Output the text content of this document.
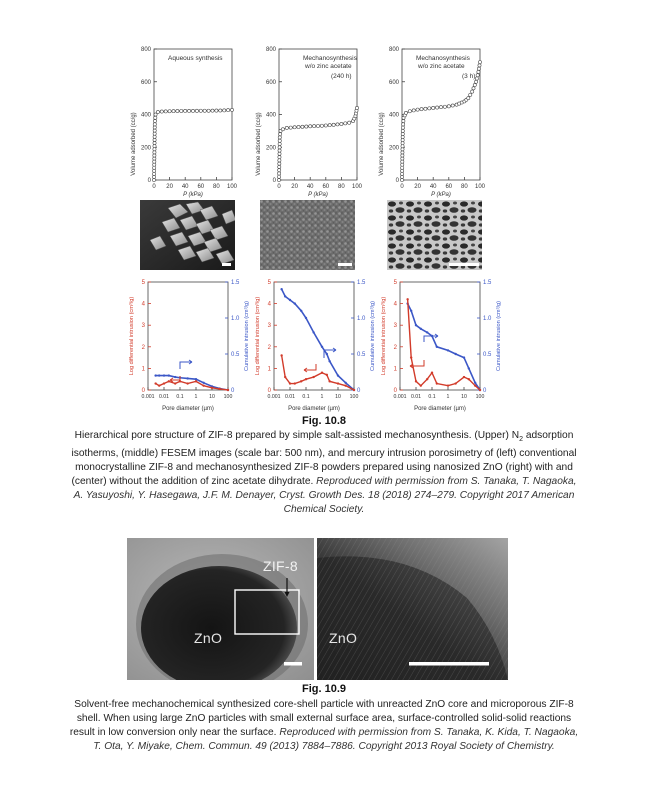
Aqueous synthesis
Volume adsorbed (cc/g)
800
600
400
200
0
0 20 40 60 80 100
P (kPa)
Mechanosynthesis
w/o zinc acetate
(240 h)
Volume adsorbed (cc/g)
800
600
400
200
0
0 20 40 60 80 100
P (kPa)
Mechanosynthesis
w/o zinc acetate
(3 h)
Volume adsorbed (cc/g)
800
600
400
200
0
0 20 40 60 80 100
P (kPa)
Log differential intrusion (cm³/g)	Cumulative intrusion (cm³/g)
5
4
3
2
1
0
1.5
1.0
0.5
0
0.001 0.01 0.1 1 10 100
Pore diameter (µm)
Log differential intrusion (cm³/g)	Cumulative intrusion (cm³/g)
5
4
3
2
1
0
1.5
1.0
0.5
0
0.001 0.01 0.1 1 10 100
Pore diameter (µm)
Log differential intrusion (cm³/g)	Cumulative intrusion (cm³/g)
5
4
3
2
1
0
1.5
1.0
0.5
0
0.001 0.01 0.1 1 10 100
Pore diameter (µm)
Fig. 10.8
Hierarchical pore structure of ZIF-8 prepared by simple salt-assisted mechanosynthesis. (Upper) $N_2$ adsorption isotherms, (middle) FESEM images (scale bar: 500 nm), and mercury intrusion porosimetry of (left) conventional monocrystalline ZIF-8 and mechanosynthesized ZIF-8 powders prepared using nanosized ZnO (right) with and (center) without the addition of zinc acetate dihydrate. Reproduced with permission from S. Tanaka, T. Nagaoka, A. Yasuyoshi, Y. Hasegawa, J.F. M. Denayer, Cryst. Growth Des. 18 (2018) 274–279. Copyright 2017 American Chemical Society.
ZIF-8
ZnO	ZnO
Fig. 10.9
Solvent-free mechanochemical synthesized core-shell particle with unreacted ZnO core and microporous ZIF-8 shell. When using large ZnO particles with small external surface area, surface-controlled solid-solid reactions result in low conversion only near the surface. Reproduced with permission from S. Tanaka, K. Kida, T. Nagaoka, T. Ota, Y. Miyake, Chem. Commun. 49 (2013) 7884–7886. Copyright 2013 Royal Society of Chemistry.
